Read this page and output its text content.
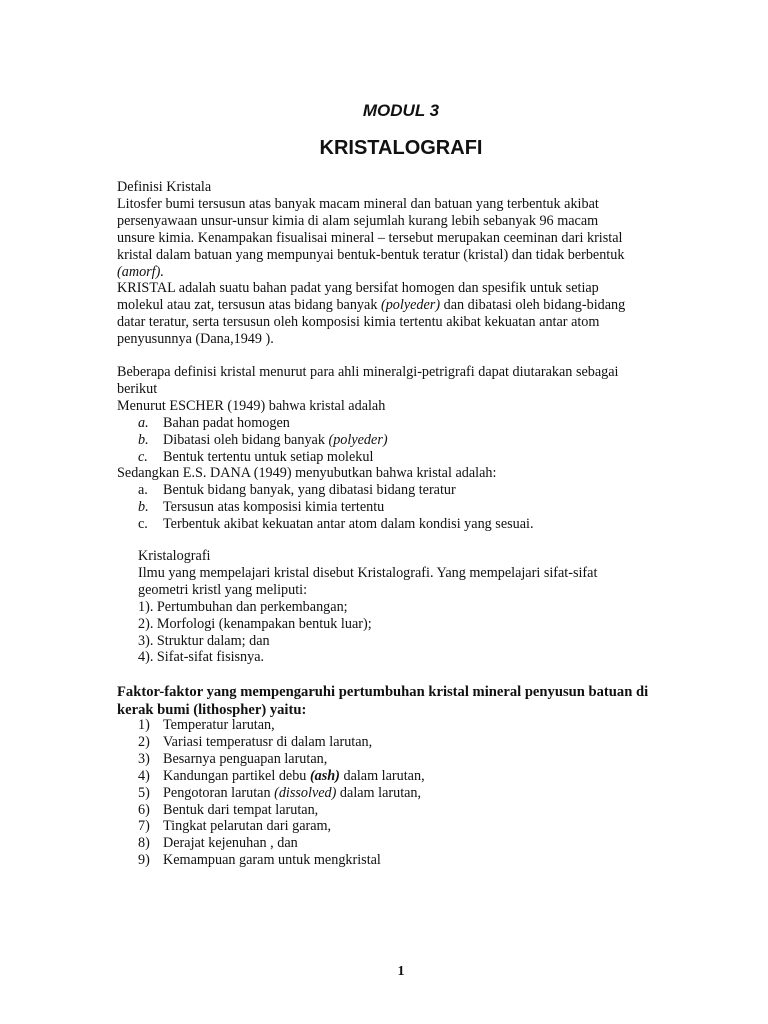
MODUL 3
KRISTALOGRAFI
Definisi Kristala
Litosfer bumi tersusun atas banyak macam mineral dan batuan yang terbentuk akibat
persenyawaan unsur-unsur kimia di alam sejumlah kurang lebih sebanyak 96 macam
unsure kimia. Kenampakan fisualisai mineral – tersebut merupakan ceeminan dari kristal
kristal dalam batuan yang mempunyai bentuk-bentuk teratur (kristal) dan tidak berbentuk
(amorf).
KRISTAL adalah suatu bahan padat yang bersifat homogen dan spesifik untuk setiap
molekul atau zat, tersusun atas bidang banyak (polyeder) dan dibatasi oleh bidang-bidang
datar teratur, serta tersusun oleh komposisi kimia tertentu akibat kekuatan antar atom
penyusunnya (Dana,1949 ).
Beberapa definisi kristal menurut para ahli mineralgi-petrigrafi dapat diutarakan sebagai
berikut
Menurut ESCHER (1949) bahwa kristal adalah
a. Bahan padat homogen
b. Dibatasi oleh bidang banyak (polyeder)
c. Bentuk tertentu untuk setiap molekul
Sedangkan E.S. DANA (1949) menyubutkan bahwa kristal adalah:
a. Bentuk bidang banyak, yang dibatasi bidang teratur
b. Tersusun atas komposisi kimia tertentu
c. Terbentuk akibat kekuatan antar atom dalam kondisi yang sesuai.
Kristalografi
Ilmu yang mempelajari kristal disebut Kristalografi. Yang mempelajari sifat-sifat
geometri kristl yang meliputi:
1). Pertumbuhan dan perkembangan;
2). Morfologi (kenampakan bentuk luar);
3). Struktur dalam; dan
4). Sifat-sifat fisisnya.
Faktor-faktor yang mempengaruhi pertumbuhan kristal mineral penyusun batuan di
kerak bumi (lithospher) yaitu:
1) Temperatur larutan,
2) Variasi temperatusr di dalam larutan,
3) Besarnya penguapan larutan,
4) Kandungan partikel debu (ash) dalam larutan,
5) Pengotoran larutan (dissolved) dalam larutan,
6) Bentuk dari tempat larutan,
7) Tingkat pelarutan dari garam,
8) Derajat kejenuhan , dan
9) Kemampuan garam untuk mengkristal
1
